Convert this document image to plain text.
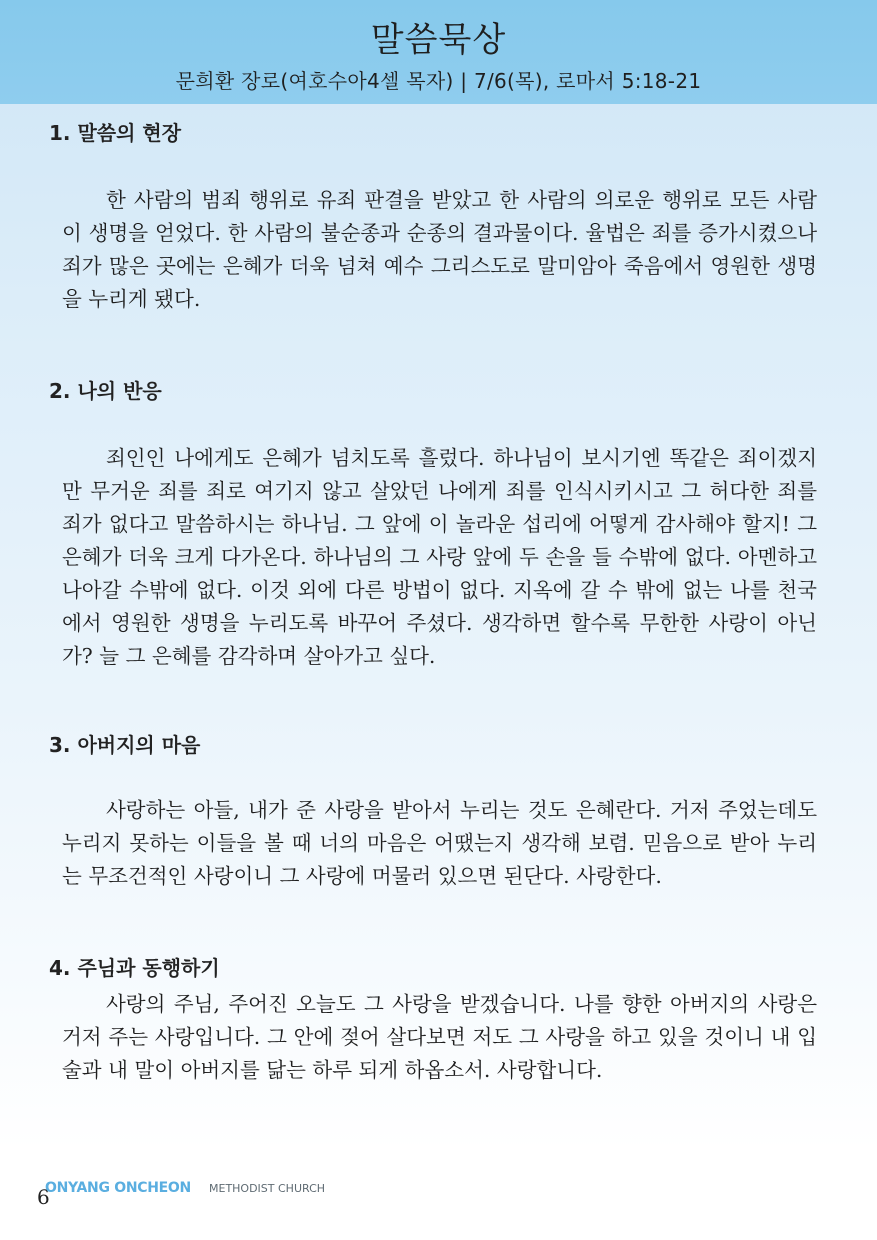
말씀묵상
문희환 장로(여호수아4셀 목자) | 7/6(목), 로마서 5:18-21
1. 말씀의 현장

한 사람의 범죄 행위로 유죄 판결을 받았고 한 사람의 의로운 행위로 모든 사람이 생명을 얻었다. 한 사람의 불순종과 순종의 결과물이다. 율법은 죄를 증가시켰으나 죄가 많은 곳에는 은혜가 더욱 넘쳐 예수 그리스도로 말미암아 죽음에서 영원한 생명을 누리게 됐다.

2. 나의 반응

죄인인 나에게도 은혜가 넘치도록 흘렀다. 하나님이 보시기엔 똑같은 죄이겠지만 무거운 죄를 죄로 여기지 않고 살았던 나에게 죄를 인식시키시고 그 허다한 죄를 죄가 없다고 말씀하시는 하나님. 그 앞에 이 놀라운 섭리에 어떻게 감사해야 할지! 그 은혜가 더욱 크게 다가온다. 하나님의 그 사랑 앞에 두 손을 들 수밖에 없다. 아멘하고 나아갈 수밖에 없다. 이것 외에 다른 방법이 없다. 지옥에 갈 수 밖에 없는 나를 천국에서 영원한 생명을 누리도록 바꾸어 주셨다. 생각하면 할수록 무한한 사랑이 아닌가? 늘 그 은혜를 감각하며 살아가고 싶다.

3. 아버지의 마음

사랑하는 아들, 내가 준 사랑을 받아서 누리는 것도 은혜란다. 거저 주었는데도 누리지 못하는 이들을 볼 때 너의 마음은 어땠는지 생각해 보렴. 믿음으로 받아 누리는 무조건적인 사랑이니 그 사랑에 머물러 있으면 된단다. 사랑한다.

4. 주님과 동행하기

사랑의 주님, 주어진 오늘도 그 사랑을 받겠습니다. 나를 향한 아버지의 사랑은 거저 주는 사랑입니다. 그 안에 젖어 살다보면 저도 그 사랑을 하고 있을 것이니 내 입술과 내 말이 아버지를 닮는 하루 되게 하옵소서. 사랑합니다.

6
ONYANG ONCHEON METHODIST CHURCH
